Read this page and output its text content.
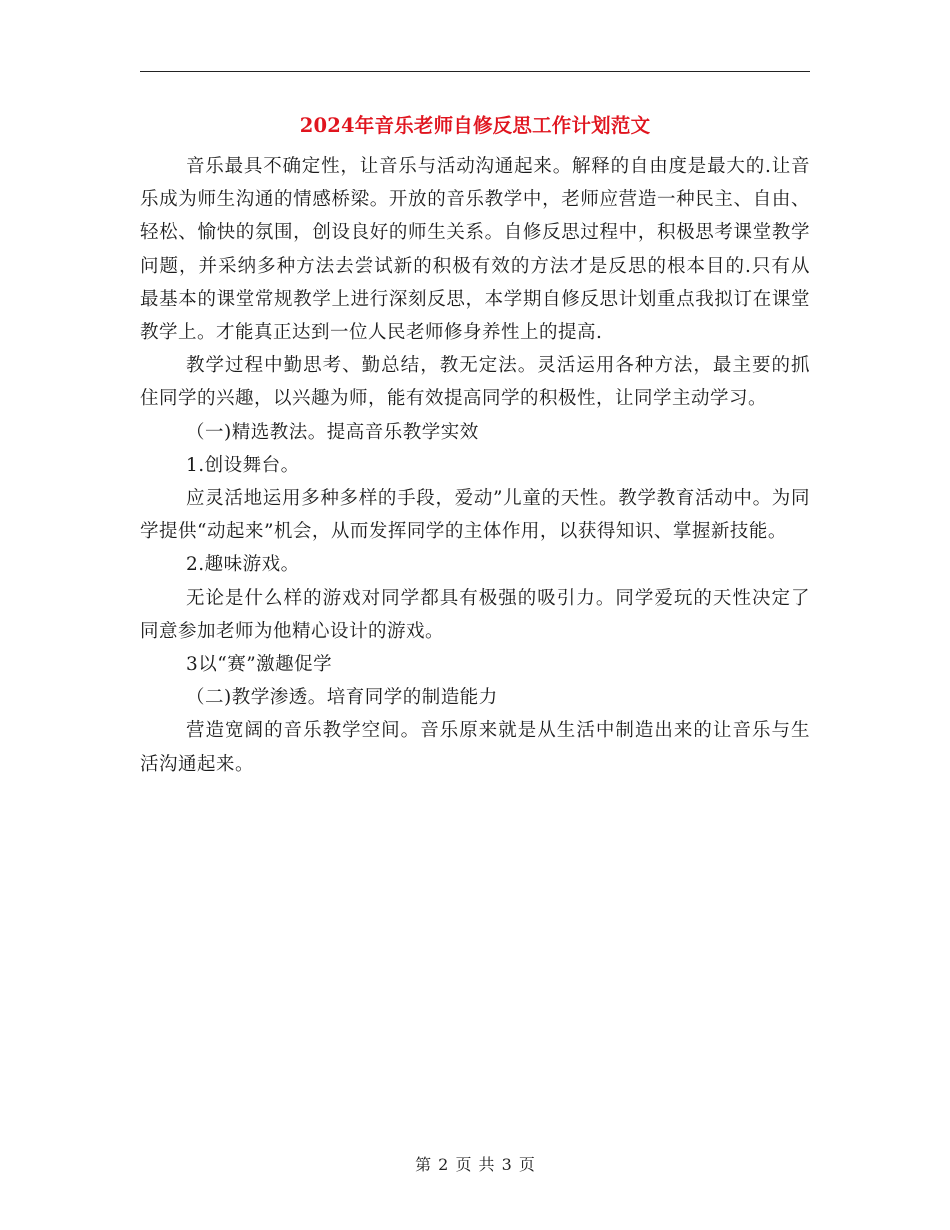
2024年音乐老师自修反思工作计划范文

音乐最具不确定性，让音乐与活动沟通起来。解释的自由度是最大的.让音乐成为师生沟通的情感桥梁。开放的音乐教学中，老师应营造一种民主、自由、轻松、愉快的氛围，创设良好的师生关系。自修反思过程中，积极思考课堂教学问题，并采纳多种方法去尝试新的积极有效的方法才是反思的根本目的.只有从最基本的课堂常规教学上进行深刻反思，本学期自修反思计划重点我拟订在课堂教学上。才能真正达到一位人民老师修身养性上的提高.

教学过程中勤思考、勤总结，教无定法。灵活运用各种方法，最主要的抓住同学的兴趣，以兴趣为师，能有效提高同学的积极性，让同学主动学习。

（一)精选教法。提高音乐教学实效

1.创设舞台。

应灵活地运用多种多样的手段，爱动”儿童的天性。教学教育活动中。为同学提供“动起来”机会，从而发挥同学的主体作用，以获得知识、掌握新技能。

2.趣味游戏。

无论是什么样的游戏对同学都具有极强的吸引力。同学爱玩的天性决定了同意参加老师为他精心设计的游戏。

3以“赛”激趣促学

（二)教学渗透。培育同学的制造能力

营造宽阔的音乐教学空间。音乐原来就是从生活中制造出来的让音乐与生活沟通起来。

第 2 页 共 3 页
